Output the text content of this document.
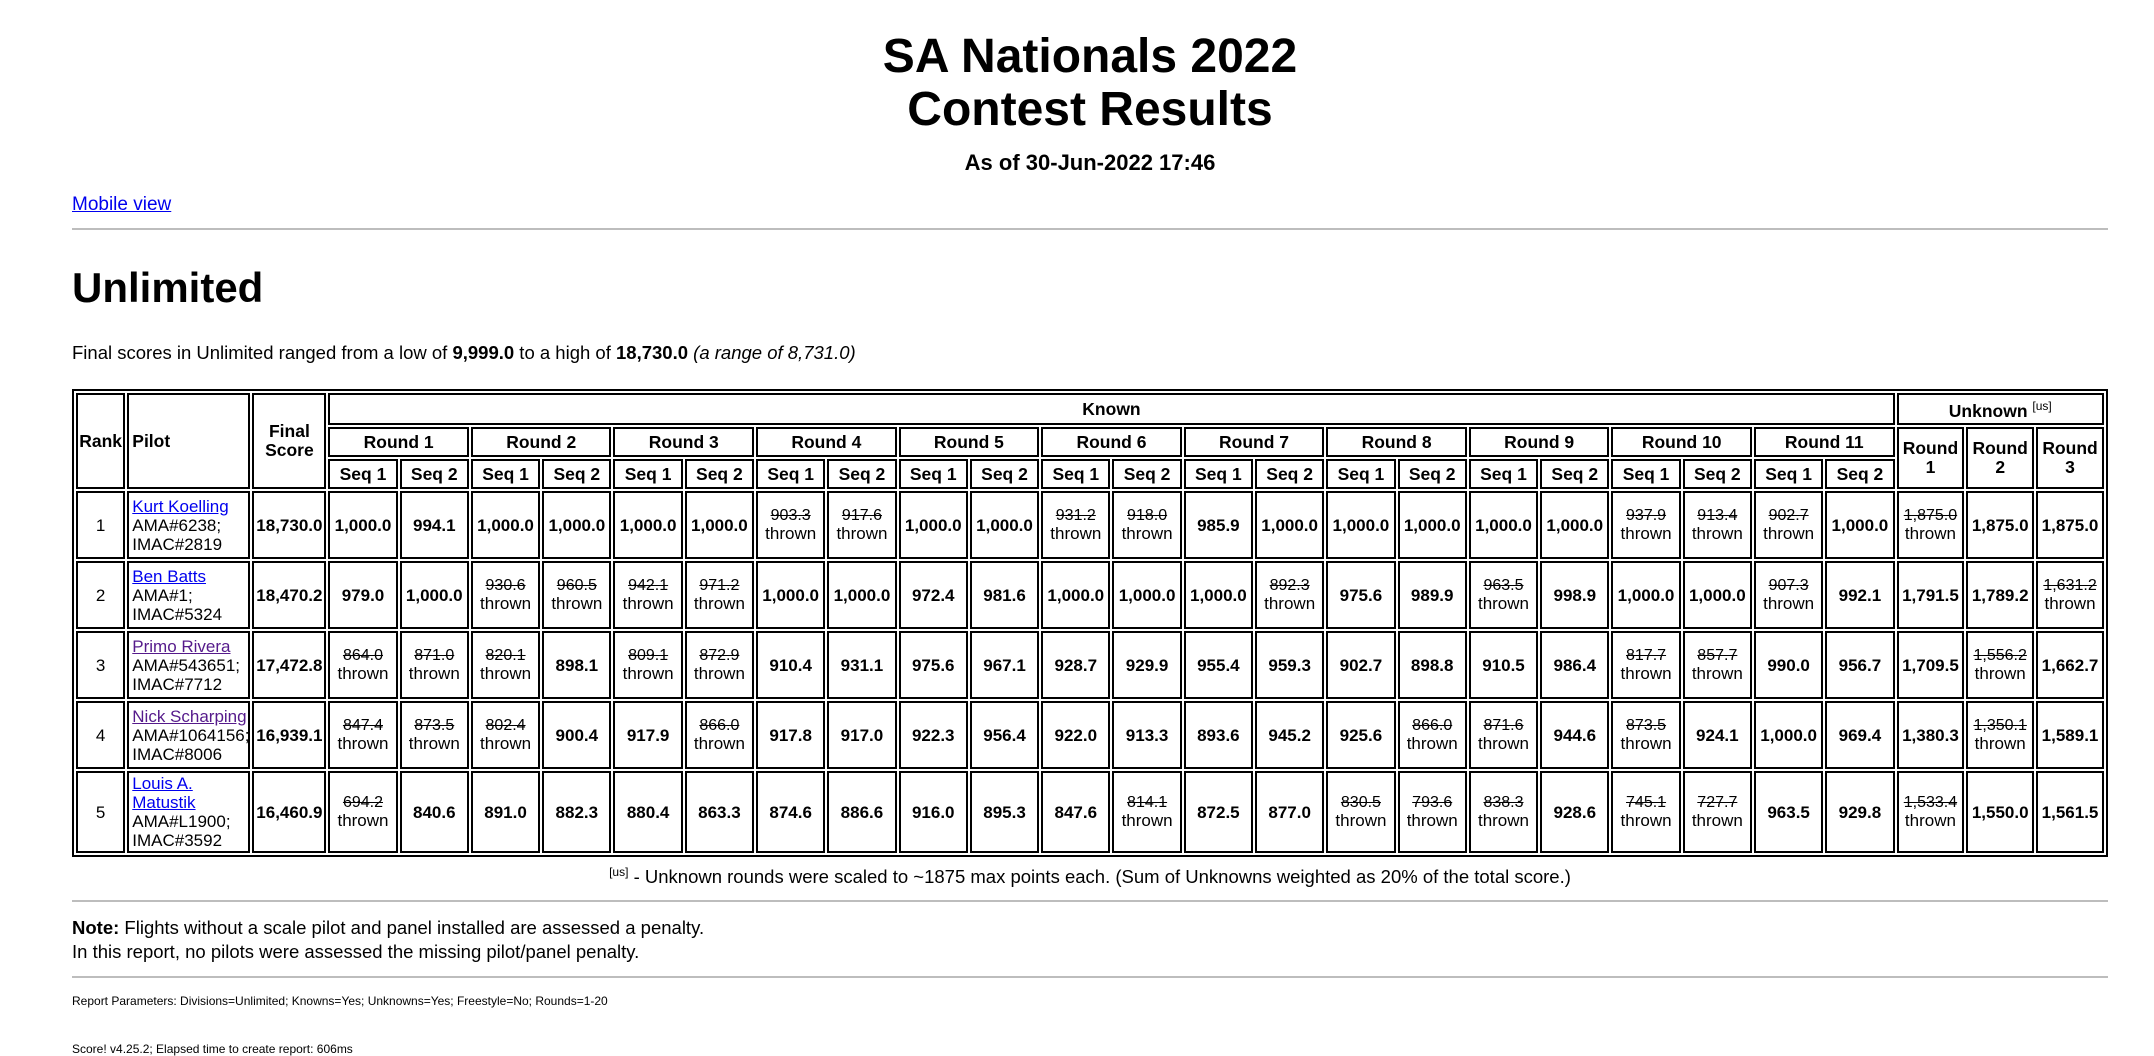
SA Nationals 2022
Contest Results
As of 30-Jun-2022 17:46
Mobile view
Unlimited
Final scores in Unlimited ranged from a low of 9,999.0 to a high of 18,730.0 (a range of 8,731.0)
Rank	Pilot	Final Score	Known																						Unknown [us]
			Round 1		Round 2		Round 3		Round 4		Round 5		Round 6		Round 7		Round 8		Round 9		Round 10		Round 11		Round 1	Round 2	Round 3
			Seq 1	Seq 2	Seq 1	Seq 2	Seq 1	Seq 2	Seq 1	Seq 2	Seq 1	Seq 2	Seq 1	Seq 2	Seq 1	Seq 2	Seq 1	Seq 2	Seq 1	Seq 2	Seq 1	Seq 2	Seq 1	Seq 2			
1	Kurt Koelling
AMA#6238;
IMAC#2819	18,730.0	1,000.0	994.1	1,000.0	1,000.0	1,000.0	1,000.0	903.3
thrown	917.6
thrown	1,000.0	1,000.0	931.2
thrown	918.0
thrown	985.9	1,000.0	1,000.0	1,000.0	1,000.0	1,000.0	937.9
thrown	913.4
thrown	902.7
thrown	1,000.0	1,875.0
thrown	1,875.0	1,875.0
2	Ben Batts
AMA#1;
IMAC#5324	18,470.2	979.0	1,000.0	930.6
thrown	960.5
thrown	942.1
thrown	971.2
thrown	1,000.0	1,000.0	972.4	981.6	1,000.0	1,000.0	1,000.0	892.3
thrown	975.6	989.9	963.5
thrown	998.9	1,000.0	1,000.0	907.3
thrown	992.1	1,791.5	1,789.2	1,631.2
thrown

3	Primo Rivera
AMA#543651;
IMAC#7712	17,472.8	864.0
thrown	871.0
thrown	820.1
thrown	898.1	809.1
thrown	872.9
thrown	910.4	931.1	975.6	967.1	928.7	929.9	955.4	959.3	902.7	898.8	910.5	986.4	817.7
thrown	857.7
thrown	990.0	956.7	1,709.5	1,556.2
thrown	1,662.7
4	Nick Scharping
AMA#1064156;
IMAC#8006	16,939.1	847.4
thrown	873.5
thrown	802.4
thrown	900.4	917.9	866.0
thrown	917.8	917.0	922.3	956.4	922.0	913.3	893.6	945.2	925.6	866.0
thrown	871.6
thrown	944.6	873.5
thrown	924.1	1,000.0	969.4	1,380.3	1,350.1
thrown	1,589.1
5	Louis A. Matustik
AMA#L1900;
IMAC#3592	16,460.9	694.2
thrown	840.6	891.0	882.3	880.4	863.3	874.6	886.6	916.0	895.3	847.6	814.1
thrown	872.5	877.0	830.5
thrown	793.6
thrown	838.3
thrown	928.6	745.1
thrown	727.7
thrown	963.5	929.8	1,533.4
thrown	1,550.0	1,561.5
[us] - Unknown rounds were scaled to ~1875 max points each. (Sum of Unknowns weighted as 20% of the total score.)
Note: Flights without a scale pilot and panel installed are assessed a penalty.
In this report, no pilots were assessed the missing pilot/panel penalty.
Report Parameters: Divisions=Unlimited; Knowns=Yes; Unknowns=Yes; Freestyle=No; Rounds=1-20
Score! v4.25.2; Elapsed time to create report: 606ms
